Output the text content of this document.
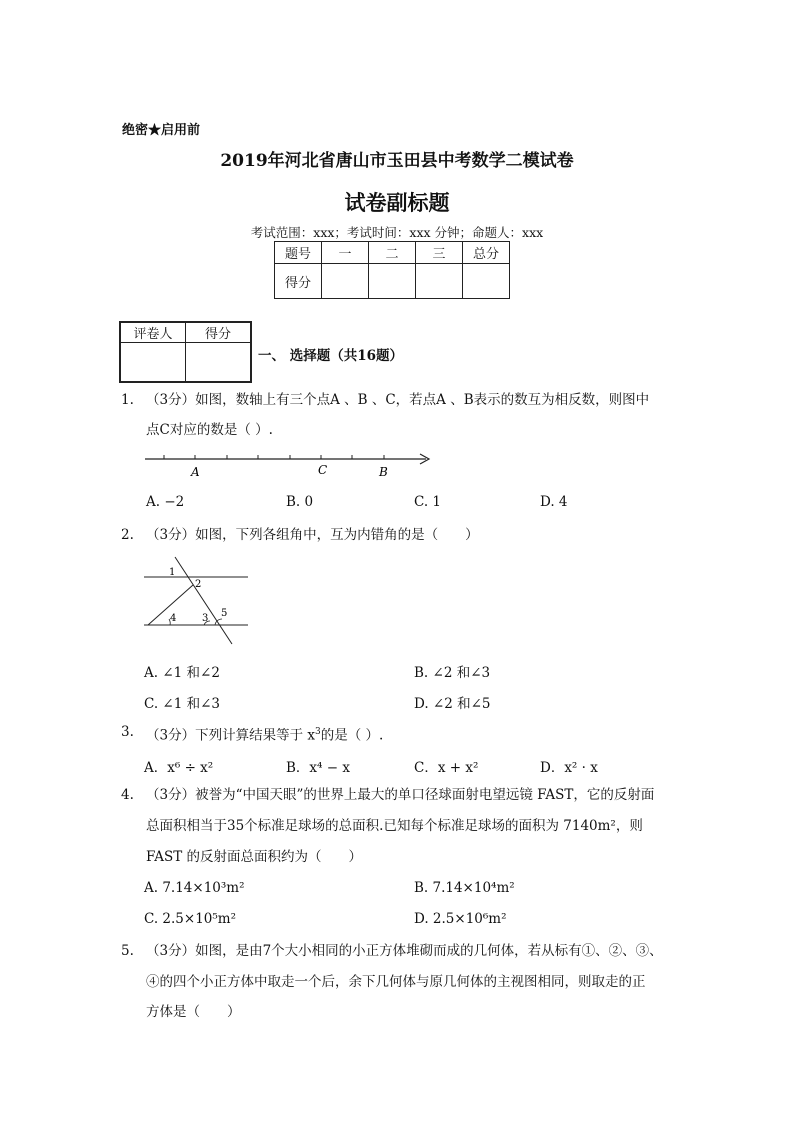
绝密★启用前
2019年河北省唐山市玉田县中考数学二模试卷
试卷副标题
考试范围：xxx；考试时间：xxx 分钟；命题人：xxx
题号	一	二	三	总分
得分				
评卷人	得分

一、 选择题（共16题）
1. （3分）如图，数轴上有三个点A 、B 、C，若点A 、B表示的数互为相反数，则图中
点C对应的数是（ ）.
A	C	B
A. −2	B. 0	C. 1	D. 4
2. （3分）如图，下列各组角中，互为内错角的是（　　）
1
2
4	3 5
A. ∠1 和∠2	B. ∠2 和∠3
C. ∠1 和∠3	D. ∠2 和∠5
3. （3分）下列计算结果等于 $x^3$的是（ ）.
A．x⁶ ÷ x²	B．x⁴ − x	C．x + x²	D．x² · x
4. （3分）被誉为“中国天眼”的世界上最大的单口径球面射电望远镜 FAST，它的反射面
总面积相当于35个标准足球场的总面积.已知每个标准足球场的面积为 7140m²，则
FAST 的反射面总面积约为（　　）
A. 7.14×10³m²	B. 7.14×10⁴m²
C. 2.5×10⁵m²	D. 2.5×10⁶m²
5. （3分）如图，是由7个大小相同的小正方体堆砌而成的几何体，若从标有①、②、③、
④的四个小正方体中取走一个后，余下几何体与原几何体的主视图相同，则取走的正
方体是（　　）
